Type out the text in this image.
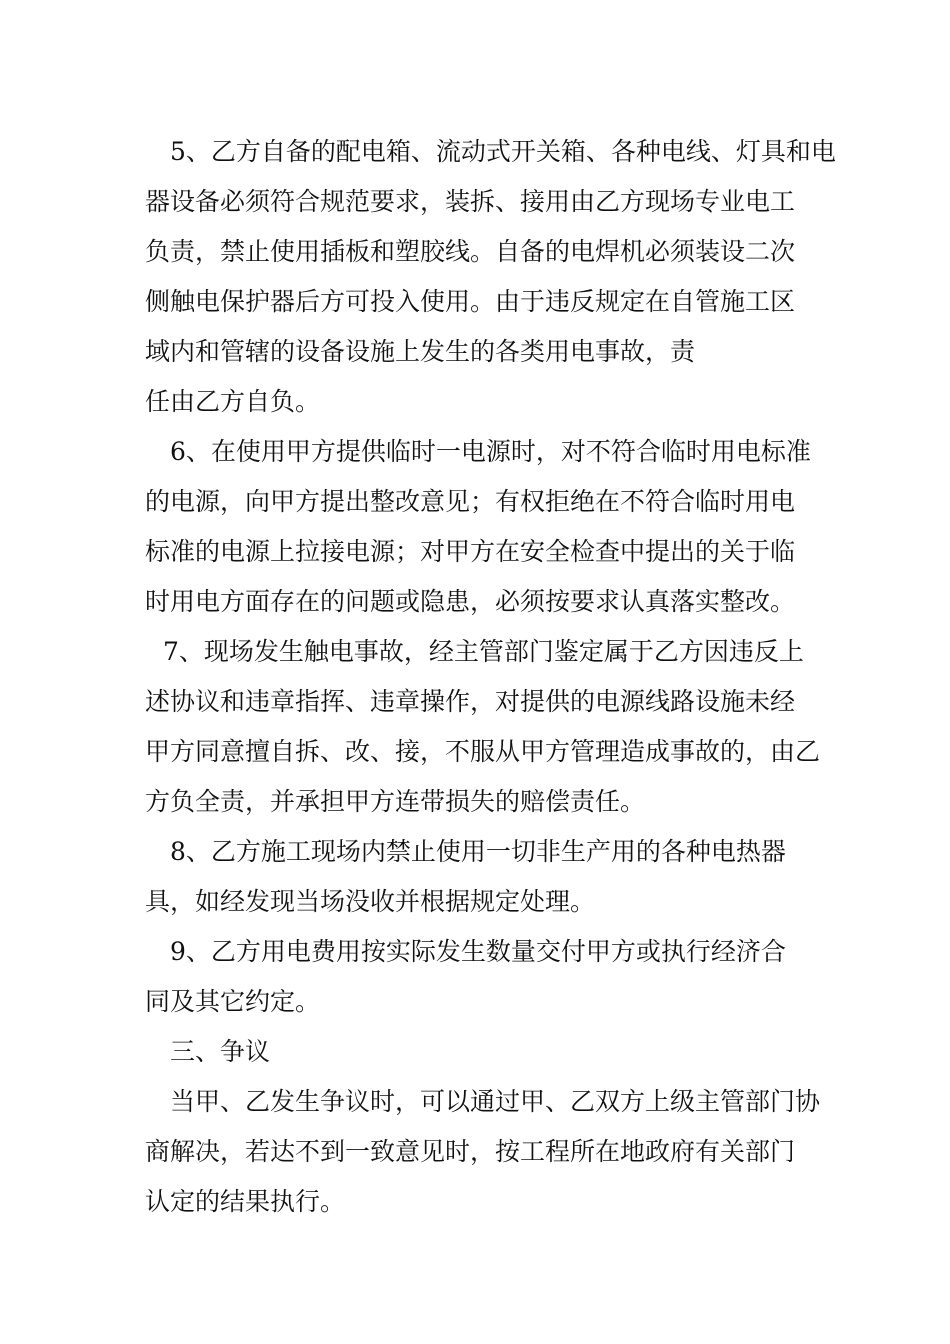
5、乙方自备的配电箱、流动式开关箱、各种电线、灯具和电
器设备必须符合规范要求，装拆、接用由乙方现场专业电工
负责，禁止使用插板和塑胶线。自备的电焊机必须装设二次
侧触电保护器后方可投入使用。由于违反规定在自管施工区
域内和管辖的设备设施上发生的各类用电事故，责
任由乙方自负。
6、在使用甲方提供临时一电源时，对不符合临时用电标准
的电源，向甲方提出整改意见；有权拒绝在不符合临时用电
标准的电源上拉接电源；对甲方在安全检查中提出的关于临
时用电方面存在的问题或隐患，必须按要求认真落实整改。
7、现场发生触电事故，经主管部门鉴定属于乙方因违反上
述协议和违章指挥、违章操作，对提供的电源线路设施未经
甲方同意擅自拆、改、接，不服从甲方管理造成事故的，由乙
方负全责，并承担甲方连带损失的赔偿责任。
8、乙方施工现场内禁止使用一切非生产用的各种电热器
具，如经发现当场没收并根据规定处理。
9、乙方用电费用按实际发生数量交付甲方或执行经济合
同及其它约定。
三、争议
当甲、乙发生争议时，可以通过甲、乙双方上级主管部门协
商解决，若达不到一致意见时，按工程所在地政府有关部门
认定的结果执行。
